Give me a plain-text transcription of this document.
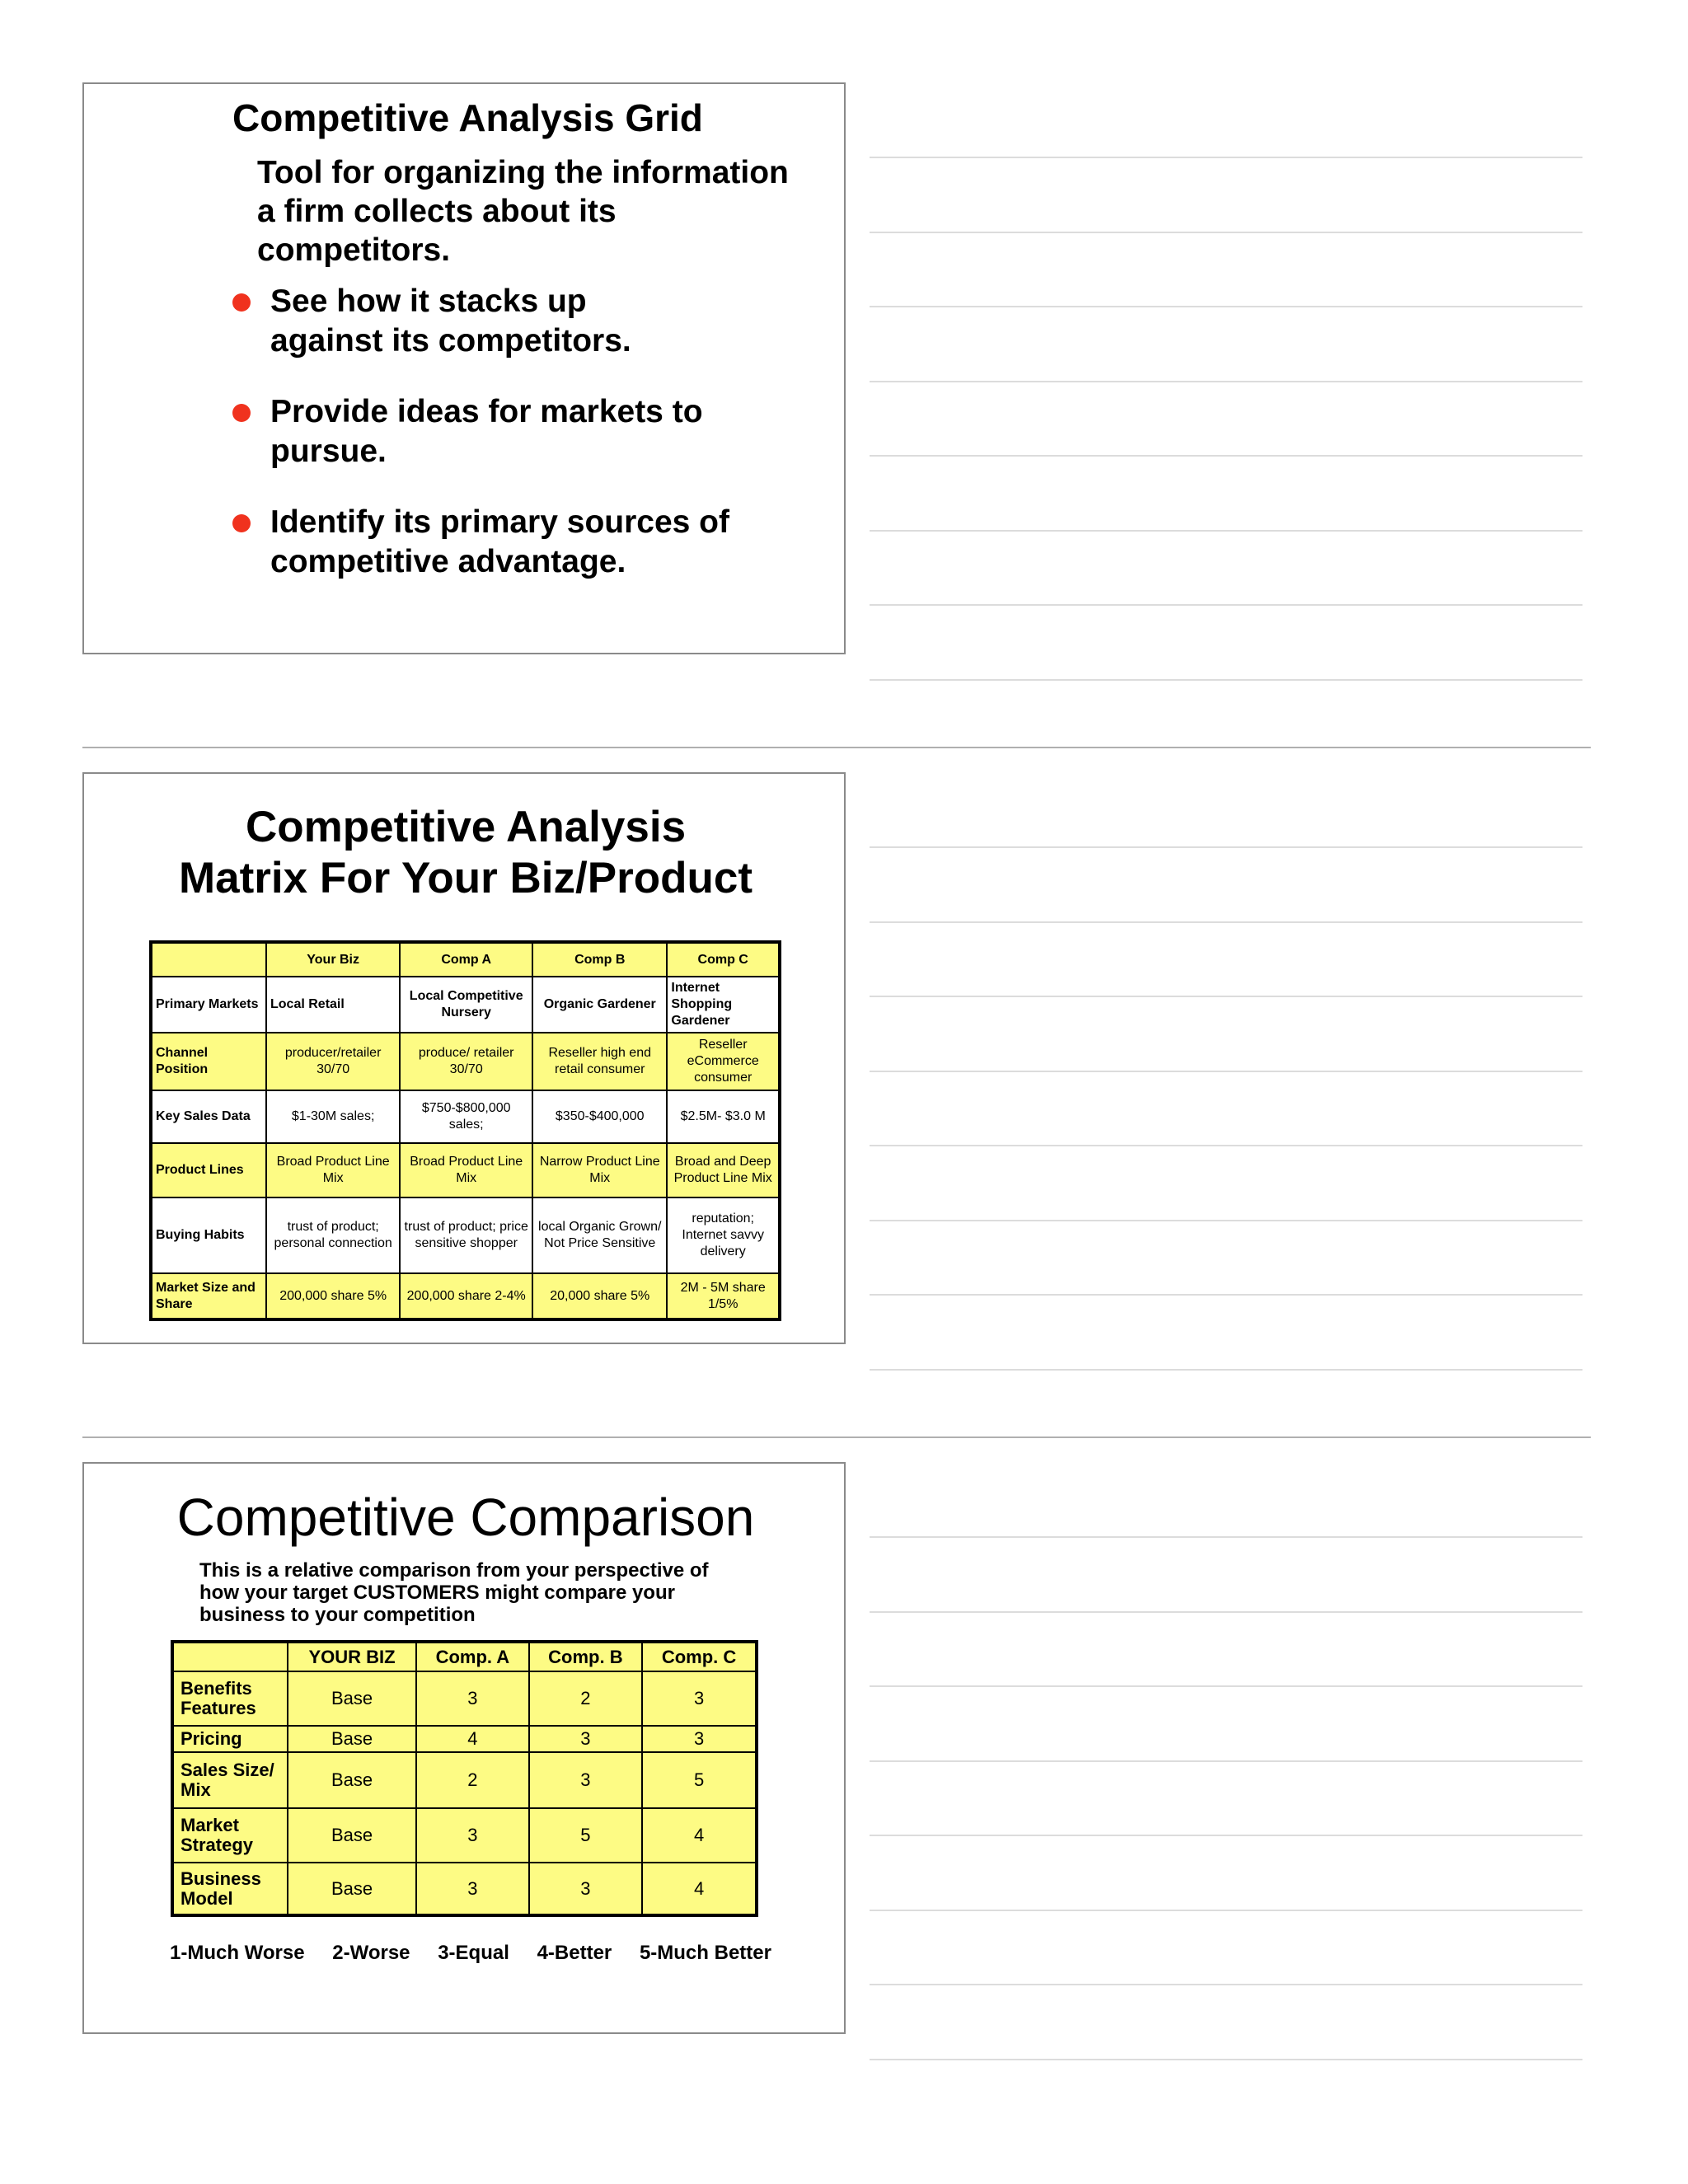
Competitive Analysis Grid
Tool for organizing the information a firm collects about its competitors.
See how it stacks up against its competitors.
Provide ideas for markets to pursue.
Identify its primary sources of competitive advantage.
Competitive Analysis
Matrix For Your Biz/Product
	Your Biz	Comp A	Comp B	Comp C
Primary Markets	Local Retail	Local Competitive Nursery	Organic Gardener	Internet Shopping Gardener
Channel Position	producer/retailer 30/70	produce/ retailer 30/70	Reseller high end retail consumer	Reseller eCommerce consumer
Key Sales Data	$1-30M sales;	$750-$800,000 sales;	$350-$400,000	$2.5M- $3.0 M
Product Lines	Broad Product Line Mix	Broad Product Line Mix	Narrow Product Line Mix	Broad and Deep Product Line Mix
Buying Habits	trust of product; personal connection	trust of product; price sensitive shopper	local Organic Grown/ Not Price Sensitive	reputation; Internet savvy delivery
Market Size and Share	200,000 share 5%	200,000 share 2-4%	20,000 share 5%	2M - 5M share 1/5%
Competitive Comparison
This is a relative comparison from your perspective of how your target CUSTOMERS might compare your business to your competition
	YOUR BIZ	Comp. A	Comp. B	Comp. C
Benefits Features	Base	3	2	3
Pricing	Base	4	3	3
Sales Size/ Mix	Base	2	3	5
Market Strategy	Base	3	5	4
Business Model	Base	3	3	4
1-Much Worse 2-Worse 3-Equal 4-Better 5-Much Better
